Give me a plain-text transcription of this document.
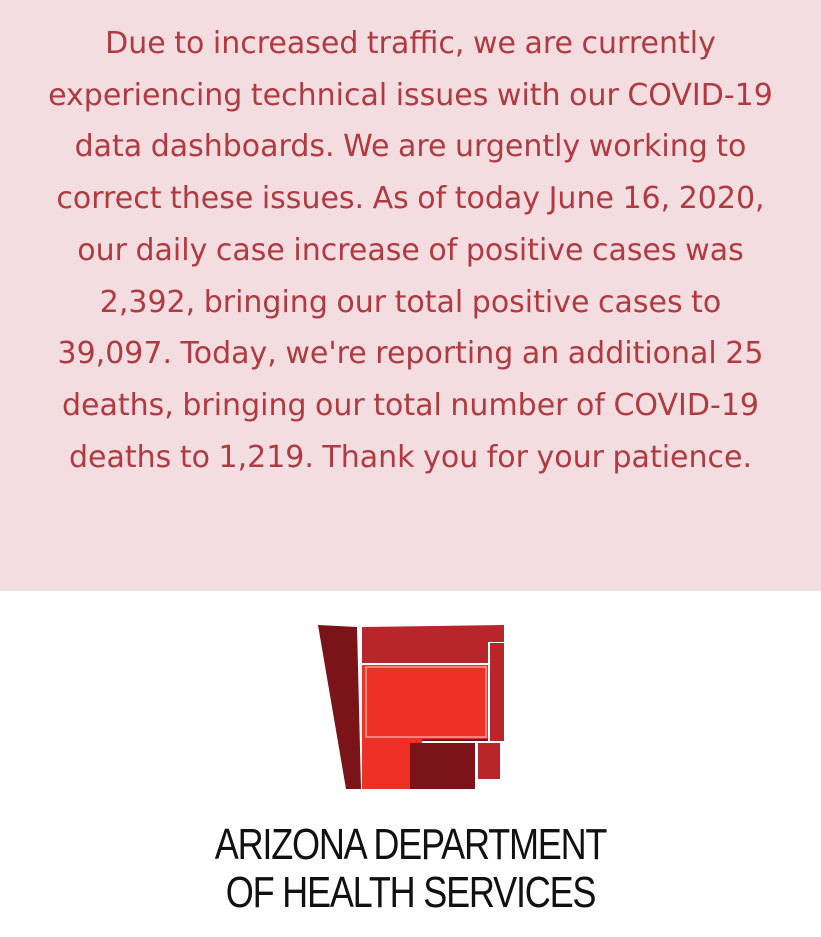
Due to increased traffic, we are currently experiencing technical issues with our COVID-19 data dashboards. We are urgently working to correct these issues. As of today June 16, 2020, our daily case increase of positive cases was 2,392, bringing our total positive cases to 39,097. Today, we're reporting an additional 25 deaths, bringing our total number of COVID-19 deaths to 1,219. Thank you for your patience.

ARIZONA DEPARTMENT
OF HEALTH SERVICES
